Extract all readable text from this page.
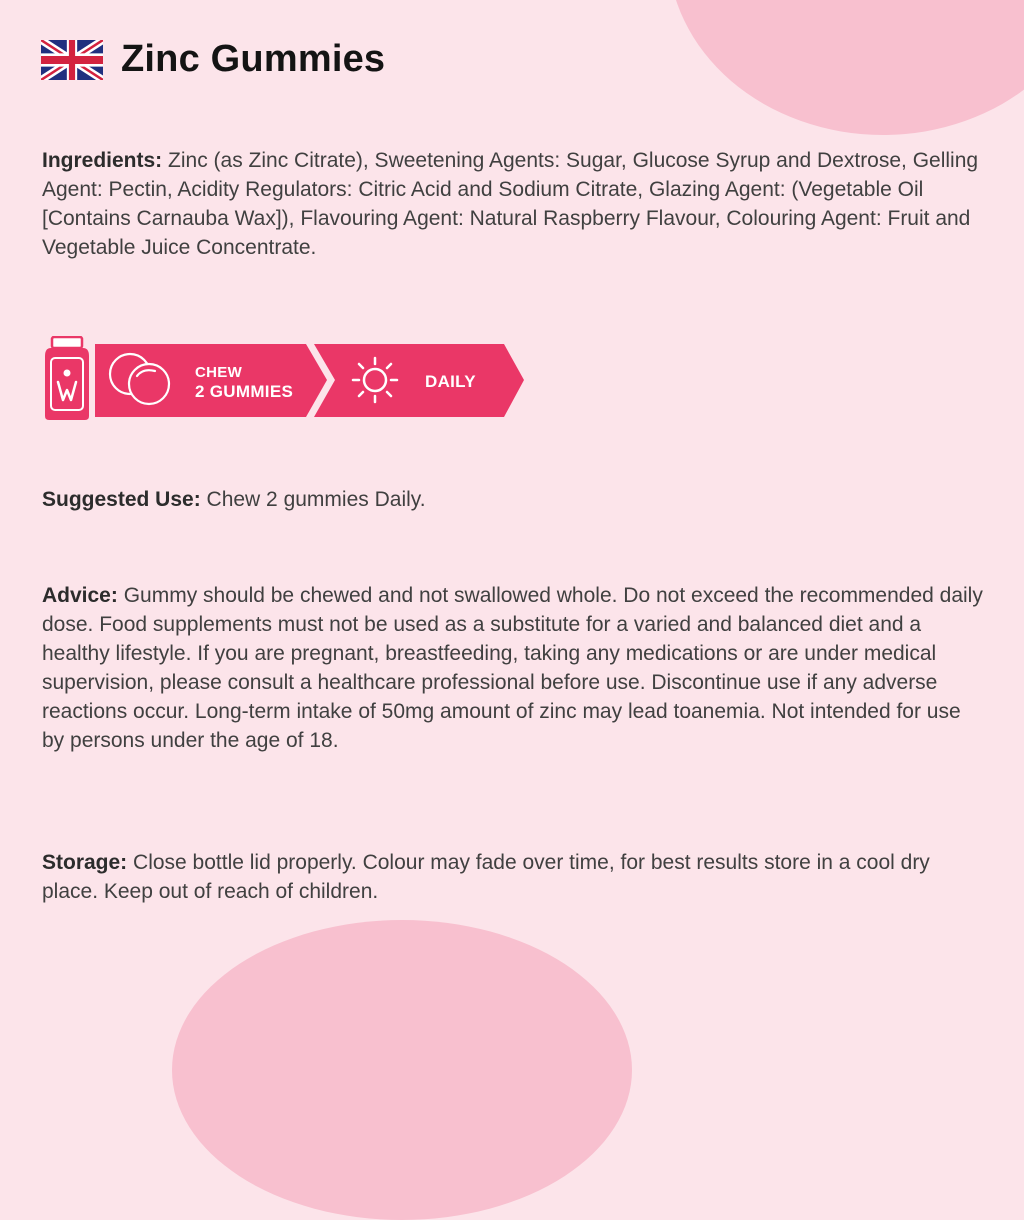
Zinc Gummies

Ingredients: Zinc (as Zinc Citrate), Sweetening Agents: Sugar, Glucose Syrup and Dextrose, Gelling Agent: Pectin, Acidity Regulators: Citric Acid and Sodium Citrate, Glazing Agent: (Vegetable Oil [Contains Carnauba Wax]), Flavouring Agent: Natural Raspberry Flavour, Colouring Agent: Fruit and Vegetable Juice Concentrate.

CHEW
2 GUMMIES
DAILY

Suggested Use: Chew 2 gummies Daily.

Advice: Gummy should be chewed and not swallowed whole. Do not exceed the recommended daily dose. Food supplements must not be used as a substitute for a varied and balanced diet and a healthy lifestyle. If you are pregnant, breastfeeding, taking any medications or are under medical supervision, please consult a healthcare professional before use. Discontinue use if any adverse reactions occur. Long-term intake of 50mg amount of zinc may lead toanemia. Not intended for use by persons under the age of 18.

Storage: Close bottle lid properly. Colour may fade over time, for best results store in a cool dry place. Keep out of reach of children.
